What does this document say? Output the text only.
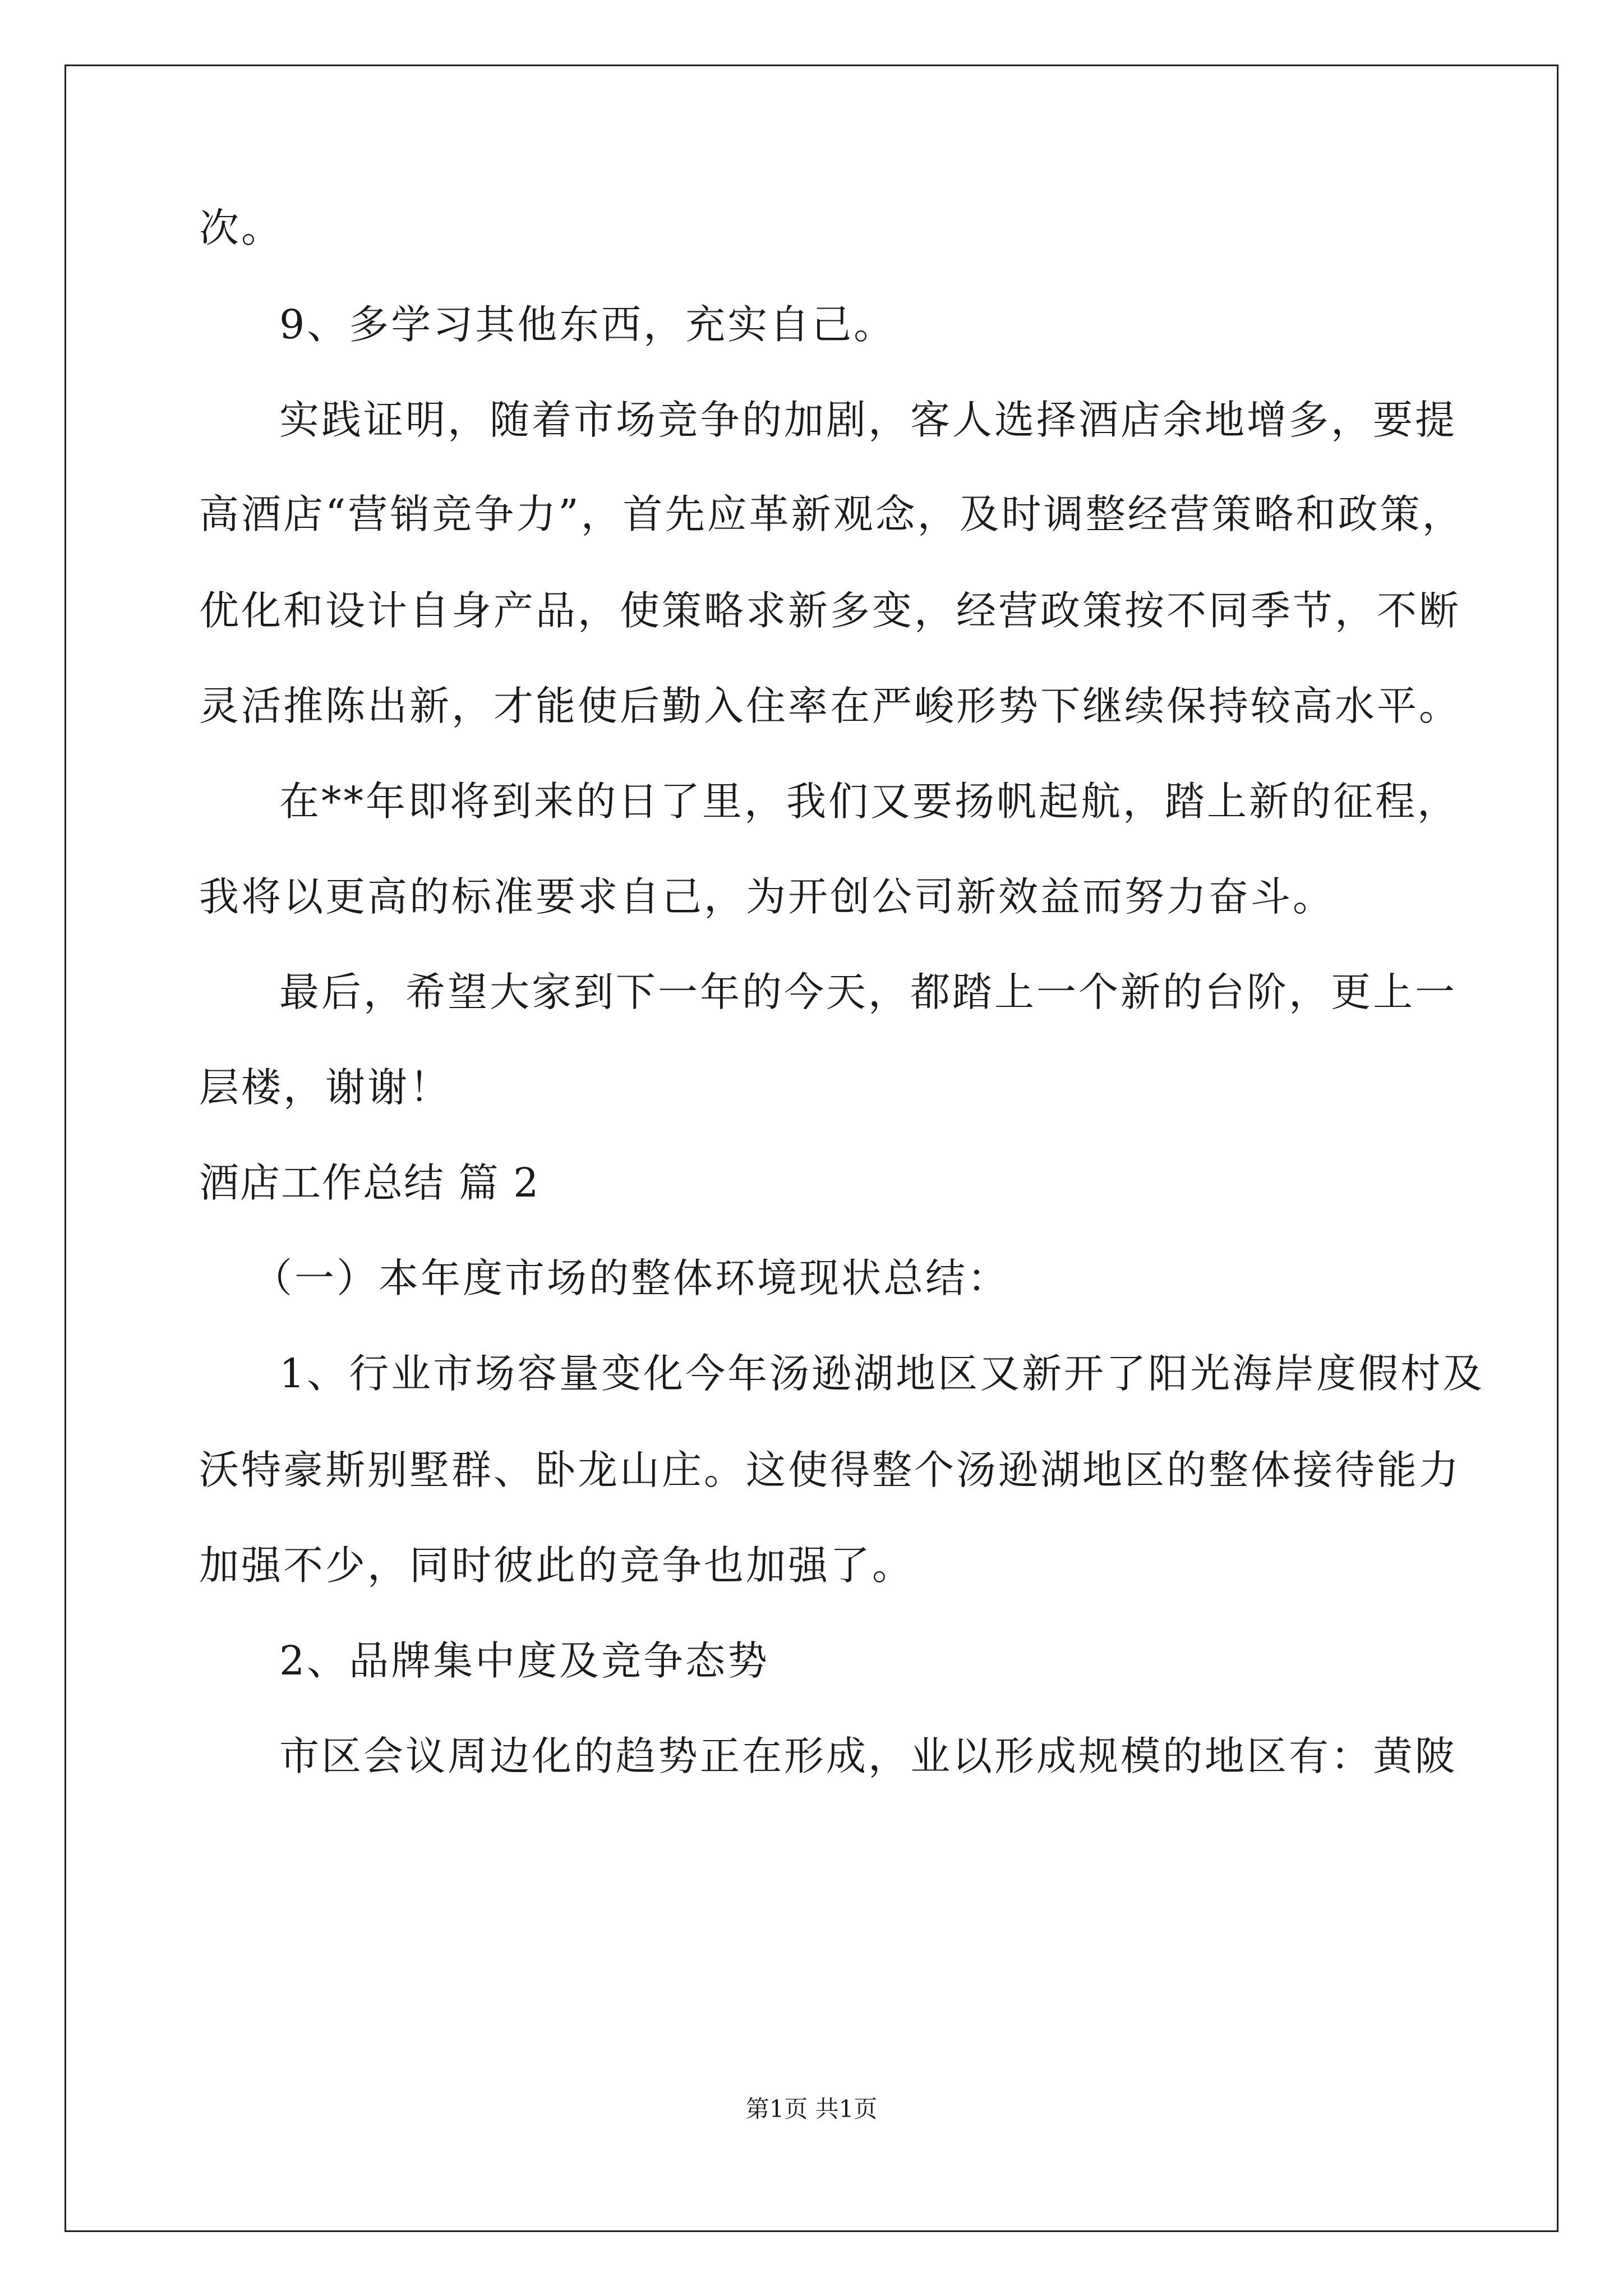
次。
9、多学习其他东西，充实自己。
实践证明，随着市场竞争的加剧，客人选择酒店余地增多，要提
高酒店“营销竞争力”，首先应革新观念，及时调整经营策略和政策，
优化和设计自身产品，使策略求新多变，经营政策按不同季节，不断
灵活推陈出新，才能使后勤入住率在严峻形势下继续保持较高水平。
在**年即将到来的日了里，我们又要扬帆起航，踏上新的征程，
我将以更高的标准要求自己，为开创公司新效益而努力奋斗。
最后，希望大家到下一年的今天，都踏上一个新的台阶，更上一
层楼，谢谢！
酒店工作总结 篇 2
（一）本年度市场的整体环境现状总结：
1、行业市场容量变化今年汤逊湖地区又新开了阳光海岸度假村及
沃特豪斯别墅群、卧龙山庄。这使得整个汤逊湖地区的整体接待能力
加强不少，同时彼此的竞争也加强了。
2、品牌集中度及竞争态势
市区会议周边化的趋势正在形成，业以形成规模的地区有：黄陂
第1页 共1页
